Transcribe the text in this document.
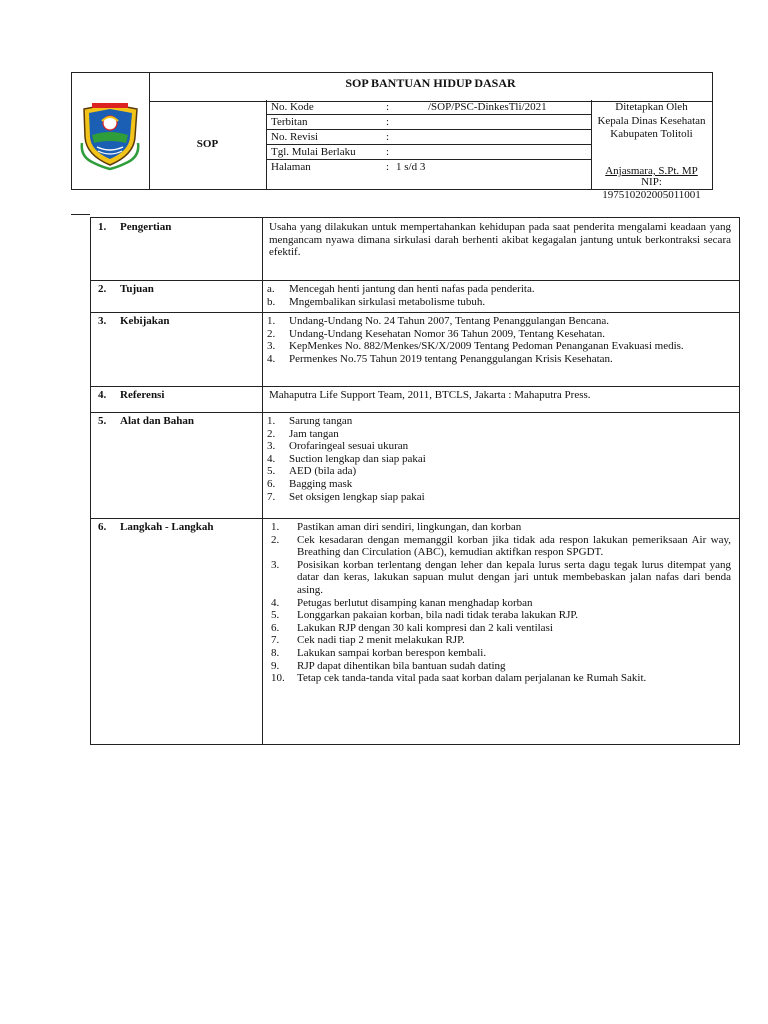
SOP BANTUAN HIDUP DASAR
SOP
No. Kode	:	/SOP/PSC-DinkesTli/2021
Terbitan	:
No. Revisi	:
Tgl. Mulai Berlaku	:
Halaman	: 1 s/d 3
Ditetapkan Oleh
Kepala Dinas Kesehatan
Kabupaten Tolitoli
Anjasmara, S.Pt. MP
NIP: 197510202005011001
1. Pengertian	Usaha yang dilakukan untuk mempertahankan kehidupan pada saat penderita mengalami keadaan yang mengancam nyawa dimana sirkulasi darah berhenti akibat kegagalan jantung untuk berkontraksi secara efektif.
2. Tujuan	a. Mencegah henti jantung dan henti nafas pada penderita.
b. Mngembalikan sirkulasi metabolisme tubuh.
3. Kebijakan	1. Undang-Undang No. 24 Tahun 2007, Tentang Penanggulangan Bencana.
2. Undang-Undang Kesehatan Nomor 36 Tahun 2009, Tentang Kesehatan.
3. KepMenkes No. 882/Menkes/SK/X/2009 Tentang Pedoman Penanganan Evakuasi medis.
4. Permenkes No.75 Tahun 2019 tentang Penanggulangan Krisis Kesehatan.
4. Referensi	Mahaputra Life Support Team, 2011, BTCLS, Jakarta : Mahaputra Press.
5. Alat dan Bahan	1. Sarung tangan
2. Jam tangan
3. Orofaringeal sesuai ukuran
4. Suction lengkap dan siap pakai
5. AED (bila ada)
6. Bagging mask
7. Set oksigen lengkap siap pakai
6. Langkah - Langkah	1. Pastikan aman diri sendiri, lingkungan, dan korban
2. Cek kesadaran dengan memanggil korban jika tidak ada respon lakukan pemeriksaan Air way, Breathing dan Circulation (ABC), kemudian aktifkan respon SPGDT.
3. Posisikan korban terlentang dengan leher dan kepala lurus serta dagu tegak lurus ditempat yang datar dan keras, lakukan sapuan mulut dengan jari untuk membebaskan jalan nafas dari benda asing.
4. Petugas berlutut disamping kanan menghadap korban
5. Longgarkan pakaian korban, bila nadi tidak teraba lakukan RJP.
6. Lakukan RJP dengan 30 kali kompresi dan 2 kali ventilasi
7. Cek nadi tiap 2 menit melakukan RJP.
8. Lakukan sampai korban berespon kembali.
9. RJP dapat dihentikan bila bantuan sudah dating
10. Tetap cek tanda-tanda vital pada saat korban dalam perjalanan ke Rumah Sakit.
